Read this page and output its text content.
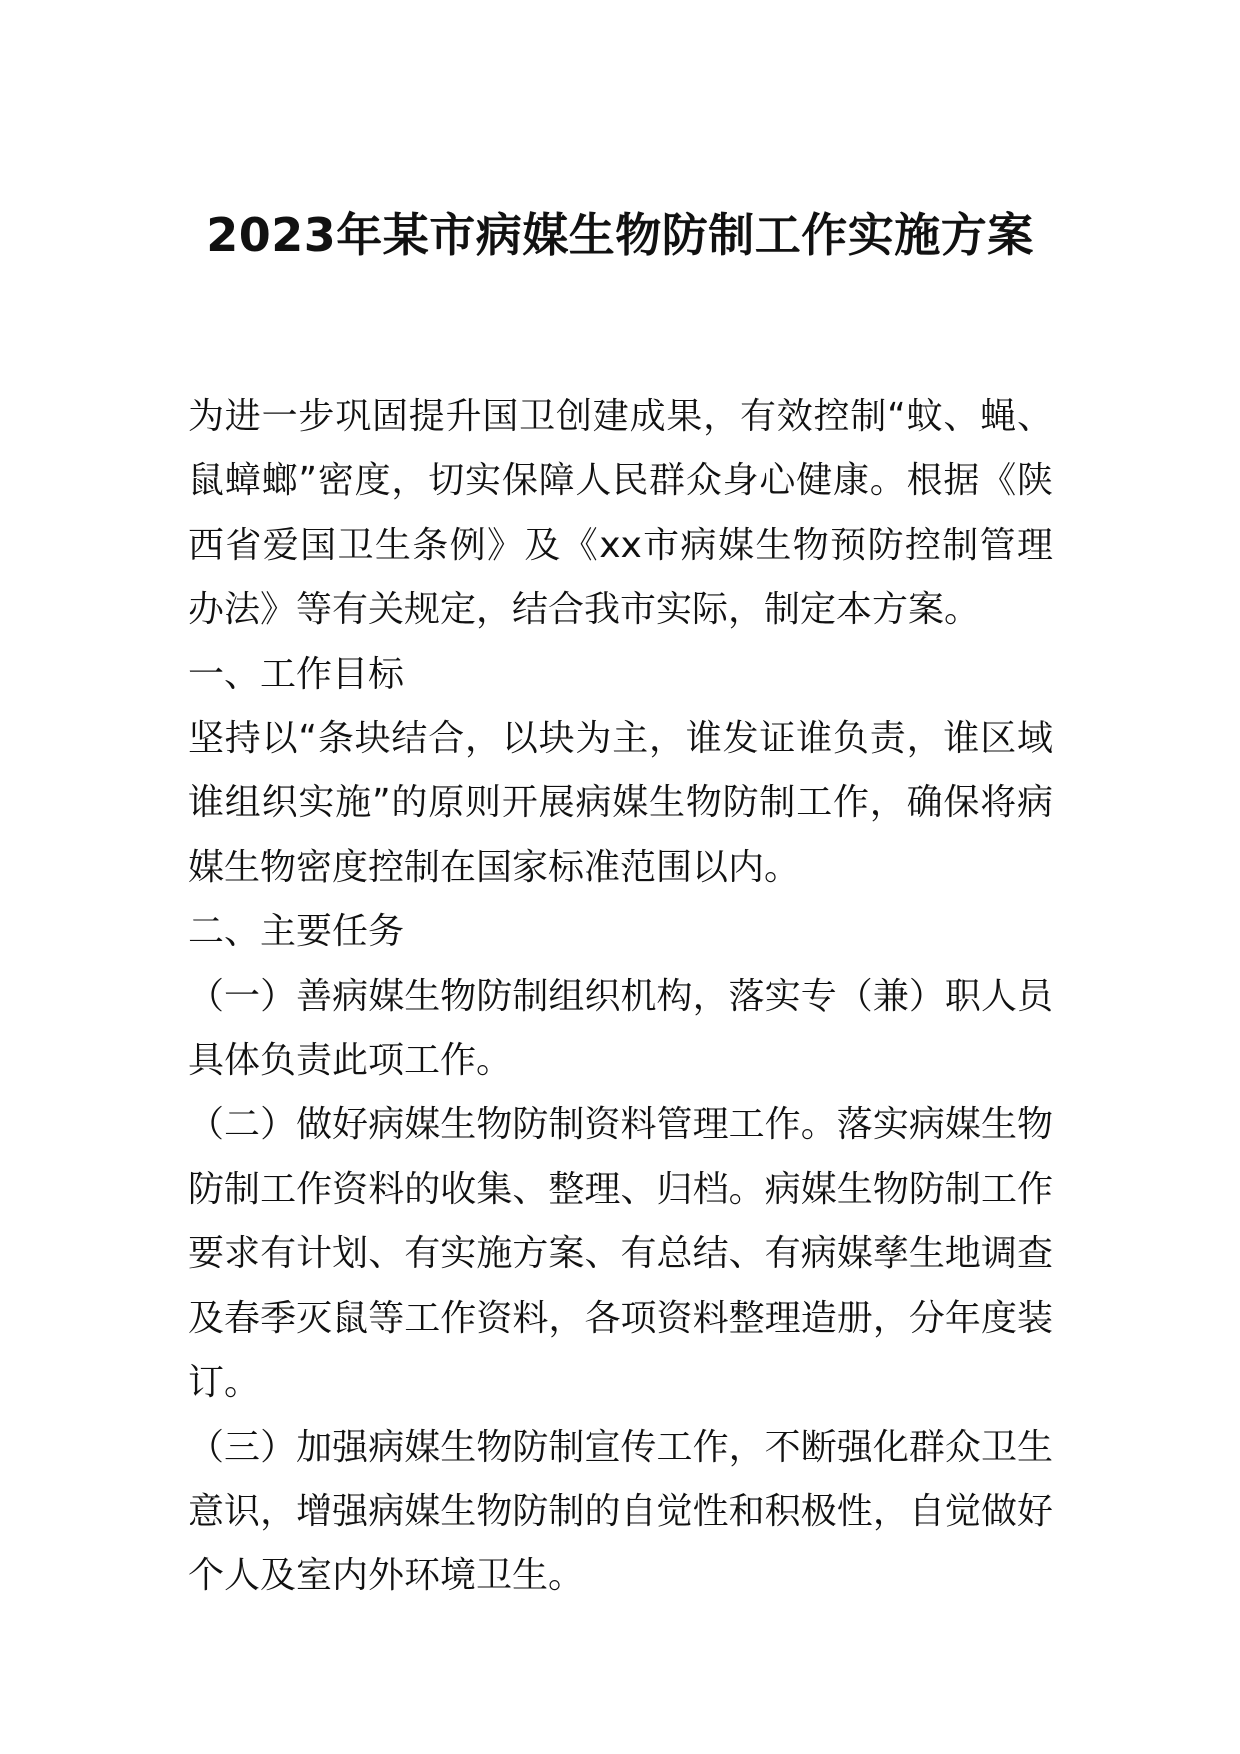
2023年某市病媒生物防制工作实施方案

为进一步巩固提升国卫创建成果，有效控制“蚊、蝇、鼠蟑螂”密度，切实保障人民群众身心健康。根据《陕西省爱国卫生条例》及《xx市病媒生物预防控制管理办法》等有关规定，结合我市实际，制定本方案。

一、工作目标

坚持以“条块结合，以块为主，谁发证谁负责，谁区域谁组织实施”的原则开展病媒生物防制工作，确保将病媒生物密度控制在国家标准范围以内。

二、主要任务

（一）善病媒生物防制组织机构，落实专（兼）职人员具体负责此项工作。

（二）做好病媒生物防制资料管理工作。落实病媒生物防制工作资料的收集、整理、归档。病媒生物防制工作要求有计划、有实施方案、有总结、有病媒孳生地调查及春季灭鼠等工作资料，各项资料整理造册，分年度装订。

（三）加强病媒生物防制宣传工作，不断强化群众卫生意识，增强病媒生物防制的自觉性和积极性，自觉做好个人及室内外环境卫生。
